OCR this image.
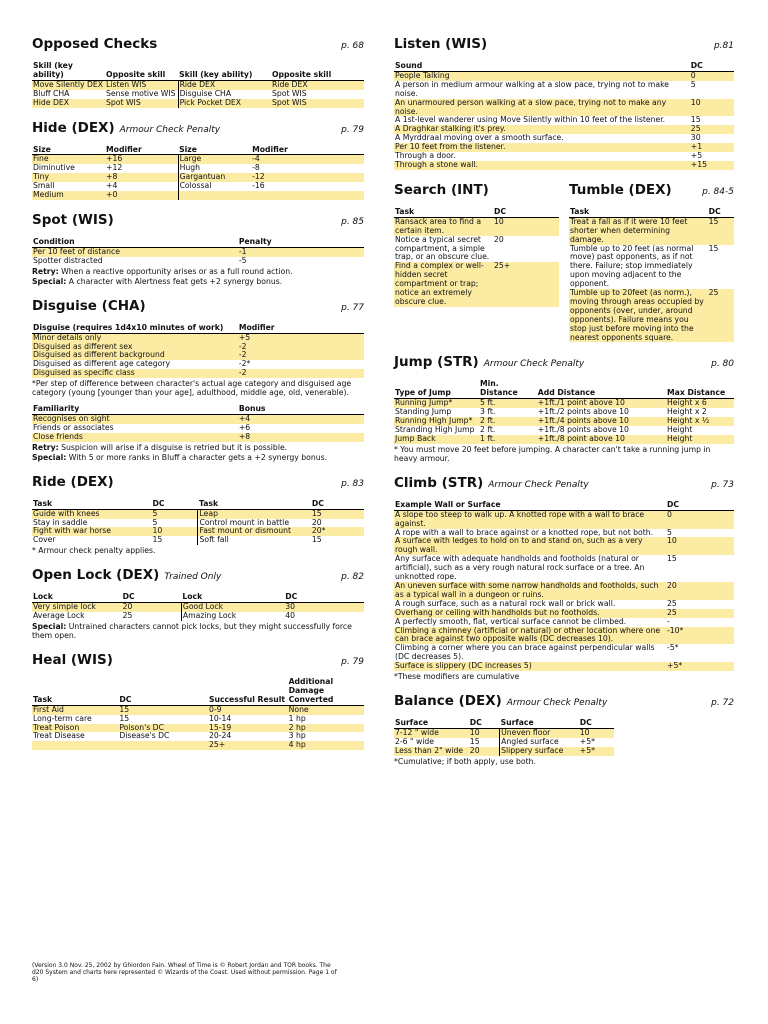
Opposed Checks	p. 68
Skill (key ability)	Opposite skill	Skill (key ability)	Opposite skill
Move Silently DEX	Listen WIS	Ride DEX	Ride DEX
Bluff CHA	Sense motive WIS	Disguise CHA	Spot WIS
Hide DEX	Spot WIS	Pick Pocket DEX	Spot WIS
Hide (DEX) Armour Check Penalty	p. 79
Size	Modifier	Size	Modifier
Fine	+16	Large	-4
Diminutive	+12	Hugh	-8
Tiny	+8	Gargantuan	-12
Small	+4	Colossal	-16
Medium	+0		
Spot (WIS)	p. 85
Condition	Penalty
Per 10 feet of distance	-1
Spotter distracted	-5
Retry: When a reactive opportunity arises or as a full round action.
Special: A character with Alertness feat gets +2 synergy bonus.
Disguise (CHA)	p. 77
Disguise (requires 1d4x10 minutes of work)	Modifier
Minor details only	+5
Disguised as different sex	-2
Disguised as different background	-2
Disguised as different age category	-2*
Disguised as specific class	-2
*Per step of difference between character's actual age category and disguised age category (young [younger than your age], adulthood, middle age, old, venerable).
Familiarity	Bonus
Recognises on sight	+4
Friends or associates	+6
Close friends	+8
Retry: Suspicion will arise if a disguise is retried but it is possible.
Special: With 5 or more ranks in Bluff a character gets a +2 synergy bonus.
Ride (DEX)	p. 83
Task	DC	Task	DC
Guide with knees	5	Leap	15
Stay in saddle	5	Control mount in battle	20
Fight with war horse	10	Fast mount or dismount	20*
Cover	15	Soft fall	15
* Armour check penalty applies.
Open Lock (DEX) Trained Only	p. 82
Lock	DC	Lock	DC
Very simple lock	20	Good Lock	30
Average Lock	25	Amazing Lock	40
Special: Untrained characters cannot pick locks, but they might successfully force them open.
Heal (WIS)	p. 79
Task	DC	Successful Result	Additional Damage Converted
First Aid	15	0-9	None
Long-term care	15	10-14	1 hp
Treat Poison	Poison's DC	15-19	2 hp
Treat Disease	Disease's DC	20-24	3 hp
		25+	4 hp
Listen (WIS)	p.81
Sound	DC
People Talking	0
A person in medium armour walking at a slow pace, trying not to make noise.	5
An unarmoured person walking at a slow pace, trying not to make any noise.	10
A 1st-level wanderer using Move Silently within 10 feet of the listener.	15
A Draghkar stalking it's prey.	25
A Myrddraal moving over a smooth surface.	30
Per 10 feet from the listener.	+1
Through a door.	+5
Through a stone wall.	+15
Search (INT)
Task	DC
Ransack area to find a certain item.	10
Notice a typical secret compartment, a simple trap, or an obscure clue.	20
Find a complex or well-hidden secret compartment or trap; notice an extremely obscure clue.	25+
Tumble (DEX)	p. 84-5
Task	DC
Treat a fall as if it were 10 feet shorter when determining damage.	15
Tumble up to 20 feet (as normal move) past opponents, as if not there. Failure; stop immediately upon moving adjacent to the opponent.	15
Tumble up to 20feet (as norm.), moving through areas occupied by opponents (over, under, around opponents). Failure means you stop just before moving into the nearest opponents square.	25
Jump (STR) Armour Check Penalty	p. 80
Type of Jump	Min. Distance	Add Distance	Max Distance
Running Jump*	5 ft.	+1ft./1 point above 10	Height x 6
Standing Jump	3 ft.	+1ft./2 points above 10	Height x 2
Running High Jump*	2 ft.	+1ft./4 points above 10	Height x ½
Stranding High Jump	2 ft.	+1ft./8 points above 10	Height
Jump Back	1 ft.	+1ft./8 point above 10	Height
* You must move 20 feet before jumping. A character can't take a running jump in heavy armour.
Climb (STR) Armour Check Penalty	p. 73
Example Wall or Surface	DC
A slope too steep to walk up. A knotted rope with a wall to brace against.	0
A rope with a wall to brace against or a knotted rope, but not both.	5
A surface with ledges to hold on to and stand on, such as a very rough wall.	10
Any surface with adequate handholds and footholds (natural or artificial), such as a very rough natural rock surface or a tree. An unknotted rope.	15
An uneven surface with some narrow handholds and footholds, such as a typical wall in a dungeon or ruins.	20
A rough surface, such as a natural rock wall or brick wall.	25
Overhang or ceiling with handholds but no footholds.	25
A perfectly smooth, flat, vertical surface cannot be climbed.	-
Climbing a chimney (artificial or natural) or other location where one can brace against two opposite walls (DC decreases 10).	-10*
Climbing a corner where you can brace against perpendicular walls (DC decreases 5).	-5*
Surface is slippery (DC increases 5)	+5*
*These modifiers are cumulative
Balance (DEX) Armour Check Penalty	p. 72
Surface	DC	Surface	DC
7-12 " wide	10	Uneven floor	10
2-6 " wide	15	Angled surface	+5*
Less than 2" wide	20	Slippery surface	+5*
*Cumulative; if both apply, use both.
(Version 3.0 Nov. 25, 2002 by Ghiordon Fain. Wheel of Time is © Robert Jordan and TOR books. The d20 System and charts here represented © Wizards of the Coast. Used without permission. Page 1 of 6)
